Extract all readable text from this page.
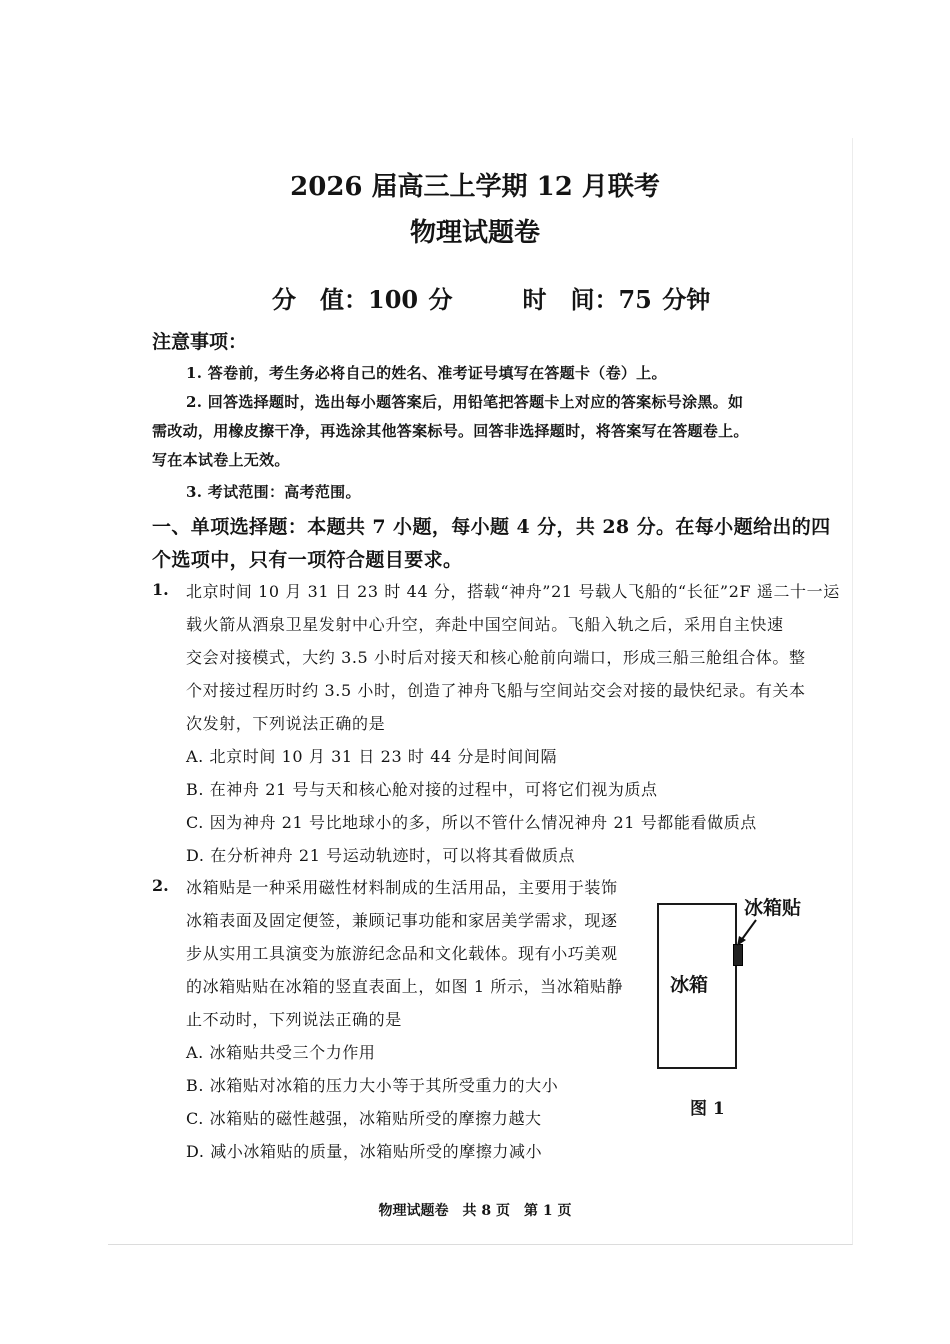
2026 届高三上学期 12 月联考
物理试题卷
分　值：100 分	时　间：75 分钟
注意事项：
1. 答卷前，考生务必将自己的姓名、准考证号填写在答题卡（卷）上。
2. 回答选择题时，选出每小题答案后，用铅笔把答题卡上对应的答案标号涂黑。如
需改动，用橡皮擦干净，再选涂其他答案标号。回答非选择题时，将答案写在答题卷上。
写在本试卷上无效。
3. 考试范围：高考范围。
一、单项选择题：本题共 7 小题，每小题 4 分，共 28 分。在每小题给出的四
个选项中，只有一项符合题目要求。
1. 北京时间 10 月 31 日 23 时 44 分，搭载“神舟”21 号载人飞船的“长征”2F 遥二十一运
载火箭从酒泉卫星发射中心升空，奔赴中国空间站。飞船入轨之后，采用自主快速
交会对接模式，大约 3.5 小时后对接天和核心舱前向端口，形成三船三舱组合体。整
个对接过程历时约 3.5 小时，创造了神舟飞船与空间站交会对接的最快纪录。有关本
次发射，下列说法正确的是
A. 北京时间 10 月 31 日 23 时 44 分是时间间隔
B. 在神舟 21 号与天和核心舱对接的过程中，可将它们视为质点
C. 因为神舟 21 号比地球小的多，所以不管什么情况神舟 21 号都能看做质点
D. 在分析神舟 21 号运动轨迹时，可以将其看做质点
2. 冰箱贴是一种采用磁性材料制成的生活用品，主要用于装饰
冰箱表面及固定便签，兼顾记事功能和家居美学需求，现逐
步从实用工具演变为旅游纪念品和文化载体。现有小巧美观
的冰箱贴贴在冰箱的竖直表面上，如图 1 所示，当冰箱贴静
止不动时，下列说法正确的是
A. 冰箱贴共受三个力作用
B. 冰箱贴对冰箱的压力大小等于其所受重力的大小
C. 冰箱贴的磁性越强，冰箱贴所受的摩擦力越大
D. 减小冰箱贴的质量，冰箱贴所受的摩擦力减小
冰箱
冰箱贴
图 1
物理试题卷　共 8 页　第 1 页
